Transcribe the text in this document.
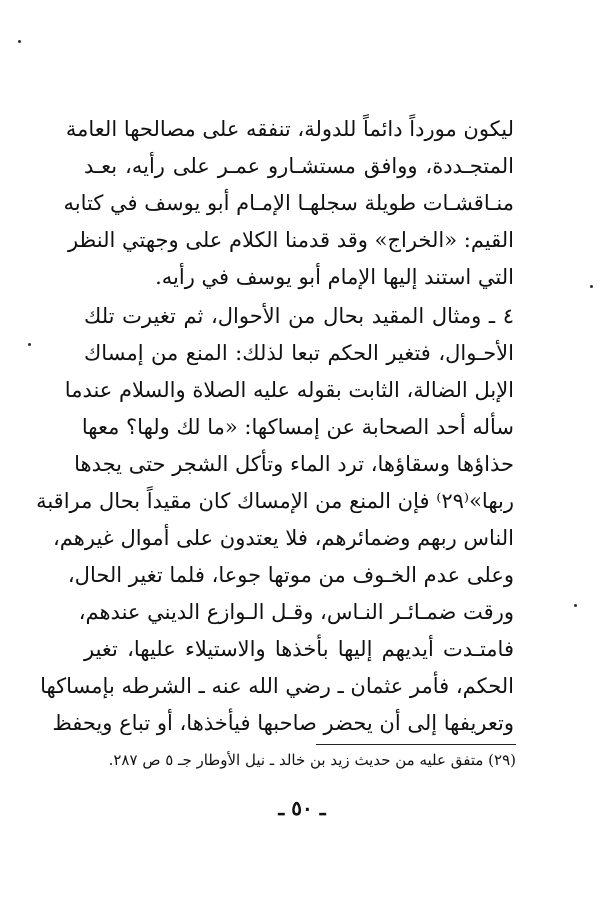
ليكون مورداً دائماً للدولة، تنفقه على مصالحها العامة
المتجـددة، ووافق مستشـارو عمـر على رأيه، بعـد
منـاقشـات طويلة سجلهـا الإمـام أبو يوسف في كتابه
القيم: «الخراج» وقد قدمنا الكلام على وجهتي النظر
التي استند إليها الإمام أبو يوسف في رأيه.
٤ ـ ومثال المقيد بحال من الأحوال، ثم تغيرت تلك
الأحـوال، فتغير الحكم تبعا لذلك: المنع من إمساك
الإبل الضالة، الثابت بقوله عليه الصلاة والسلام عندما
سأله أحد الصحابة عن إمساكها: «ما لك ولها؟ معها
حذاؤها وسقاؤها، ترد الماء وتأكل الشجر حتى يجدها
ربها»⁽٢٩⁾ فإن المنع من الإمساك كان مقيداً بحال مراقبة
الناس ربهم وضمائرهم، فلا يعتدون على أموال غيرهم،
وعلى عدم الخـوف من موتها جوعا، فلما تغير الحال،
ورقت ضمـائـر النـاس، وقـل الـوازع الديني عندهم،
فامتـدت أيديهم إليها بأخذها والاستيلاء عليها، تغير
الحكم، فأمر عثمان ـ رضي الله عنه ـ الشرطه بإمساكها
وتعريفها إلى أن يحضر صاحبها فيأخذها، أو تباع ويحفظ
(٢٩) متفق عليه من حديث زيد بن خالد ـ نيل الأوطار جـ ٥ ص ٢٨٧.
ـ ٥٠ ـ
